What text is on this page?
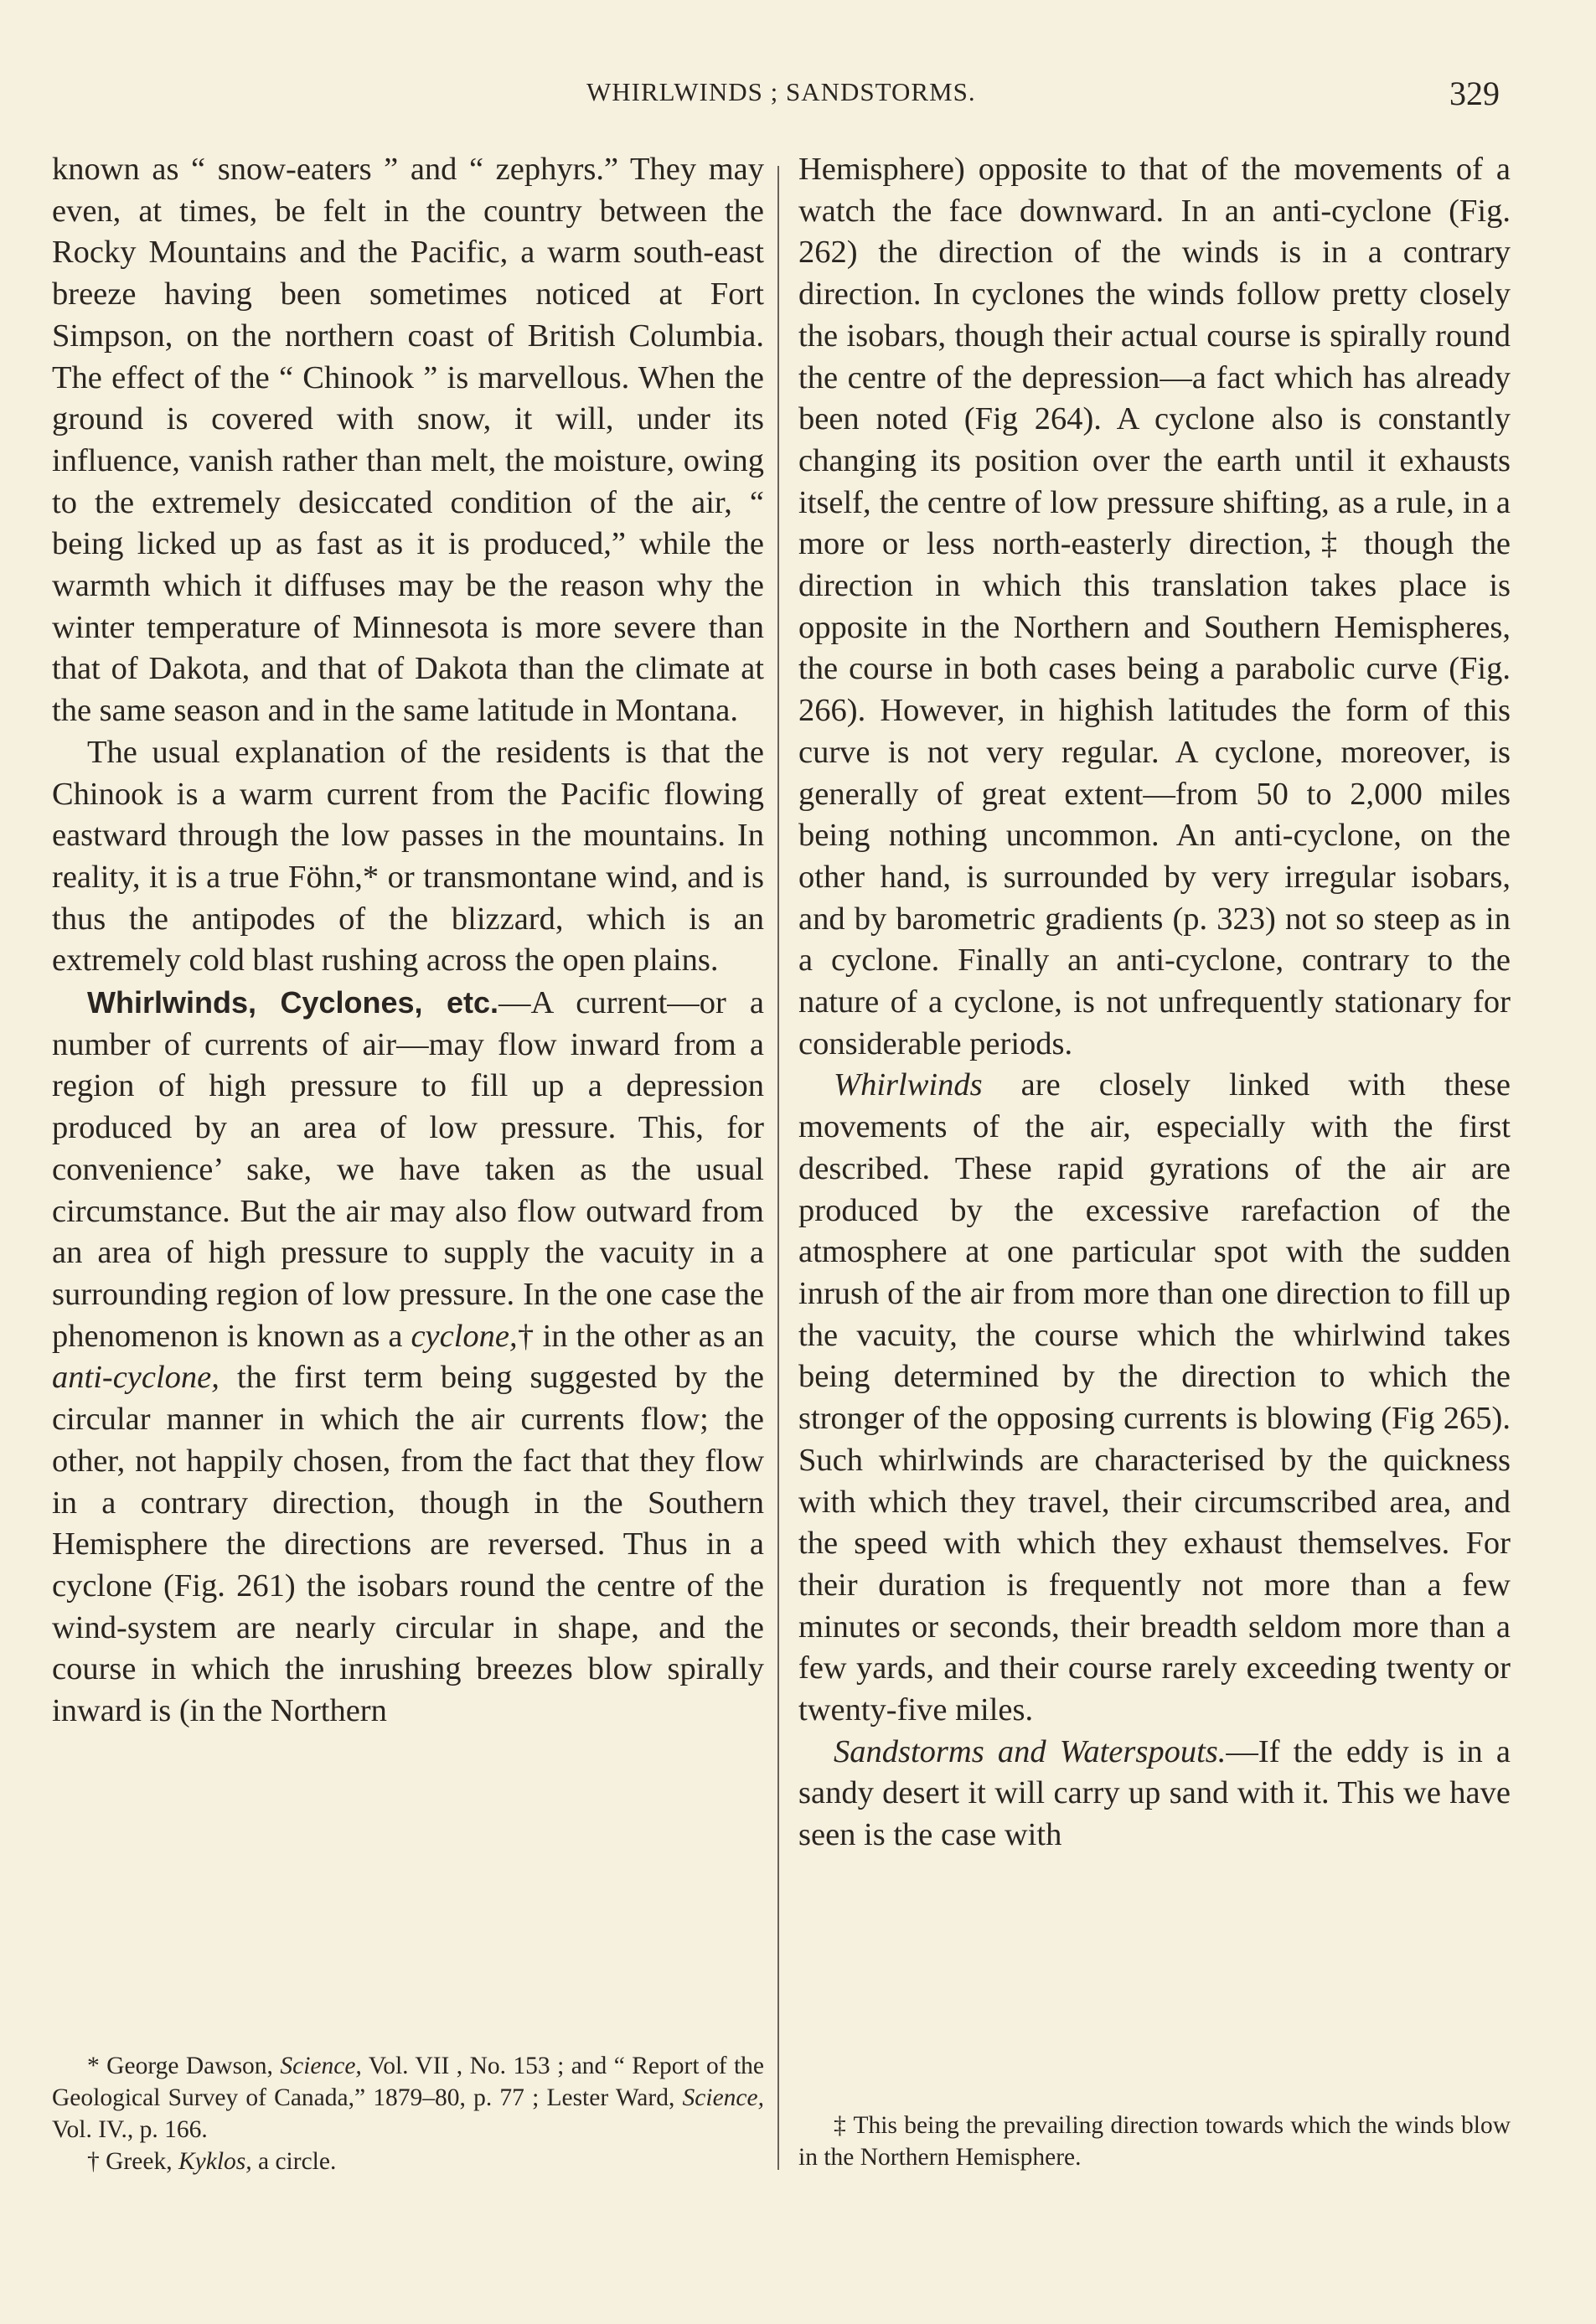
WHIRLWINDS ; SANDSTORMS.	329

known as “ snow-eaters ” and “ zephyrs.” They may even, at times, be felt in the country between the Rocky Mountains and the Pacific, a warm south-east breeze having been sometimes noticed at Fort Simpson, on the northern coast of British Columbia. The effect of the “ Chinook ” is marvellous. When the ground is covered with snow, it will, under its influence, vanish rather than melt, the moisture, owing to the extremely desiccated condition of the air, “ being licked up as fast as it is produced,” while the warmth which it diffuses may be the reason why the winter temperature of Minnesota is more severe than that of Dakota, and that of Dakota than the climate at the same season and in the same latitude in Montana.

The usual explanation of the residents is that the Chinook is a warm current from the Pacific flowing eastward through the low passes in the mountains. In reality, it is a true Föhn,* or transmontane wind, and is thus the antipodes of the blizzard, which is an extremely cold blast rushing across the open plains.

Whirlwinds, Cyclones, etc.—A current—or a number of currents of air—may flow inward from a region of high pressure to fill up a depression produced by an area of low pressure. This, for convenience’ sake, we have taken as the usual circumstance. But the air may also flow outward from an area of high pressure to supply the vacuity in a surrounding region of low pressure. In the one case the phenomenon is known as a cyclone,† in the other as an anti-cyclone, the first term being suggested by the circular manner in which the air currents flow; the other, not happily chosen, from the fact that they flow in a contrary direction, though in the Southern Hemisphere the directions are reversed. Thus in a cyclone (Fig. 261) the isobars round the centre of the wind-system are nearly circular in shape, and the course in which the inrushing breezes blow spirally inward is (in the Northern

Hemisphere) opposite to that of the movements of a watch the face downward. In an anti-cyclone (Fig. 262) the direction of the winds is in a contrary direction. In cyclones the winds follow pretty closely the isobars, though their actual course is spirally round the centre of the depression—a fact which has already been noted (Fig 264). A cyclone also is constantly changing its position over the earth until it exhausts itself, the centre of low pressure shifting, as a rule, in a more or less north-easterly direction,‡ though the direction in which this translation takes place is opposite in the Northern and Southern Hemispheres, the course in both cases being a parabolic curve (Fig. 266). However, in highish latitudes the form of this curve is not very regular. A cyclone, moreover, is generally of great extent—from 50 to 2,000 miles being nothing uncommon. An anti-cyclone, on the other hand, is surrounded by very irregular isobars, and by barometric gradients (p. 323) not so steep as in a cyclone. Finally an anti-cyclone, contrary to the nature of a cyclone, is not unfrequently stationary for considerable periods.

Whirlwinds are closely linked with these movements of the air, especially with the first described. These rapid gyrations of the air are produced by the excessive rarefaction of the atmosphere at one particular spot with the sudden inrush of the air from more than one direction to fill up the vacuity, the course which the whirlwind takes being determined by the direction to which the stronger of the opposing currents is blowing (Fig 265). Such whirlwinds are characterised by the quickness with which they travel, their circumscribed area, and the speed with which they exhaust themselves. For their duration is frequently not more than a few minutes or seconds, their breadth seldom more than a few yards, and their course rarely exceeding twenty or twenty-five miles.

Sandstorms and Waterspouts.—If the eddy is in a sandy desert it will carry up sand with it. This we have seen is the case with

* George Dawson, Science, Vol. VII , No. 153 ; and “ Report of the Geological Survey of Canada,” 1879–80, p. 77 ; Lester Ward, Science, Vol. IV., p. 166.

† Greek, Kyklos, a circle.

‡ This being the prevailing direction towards which the winds blow in the Northern Hemisphere.
